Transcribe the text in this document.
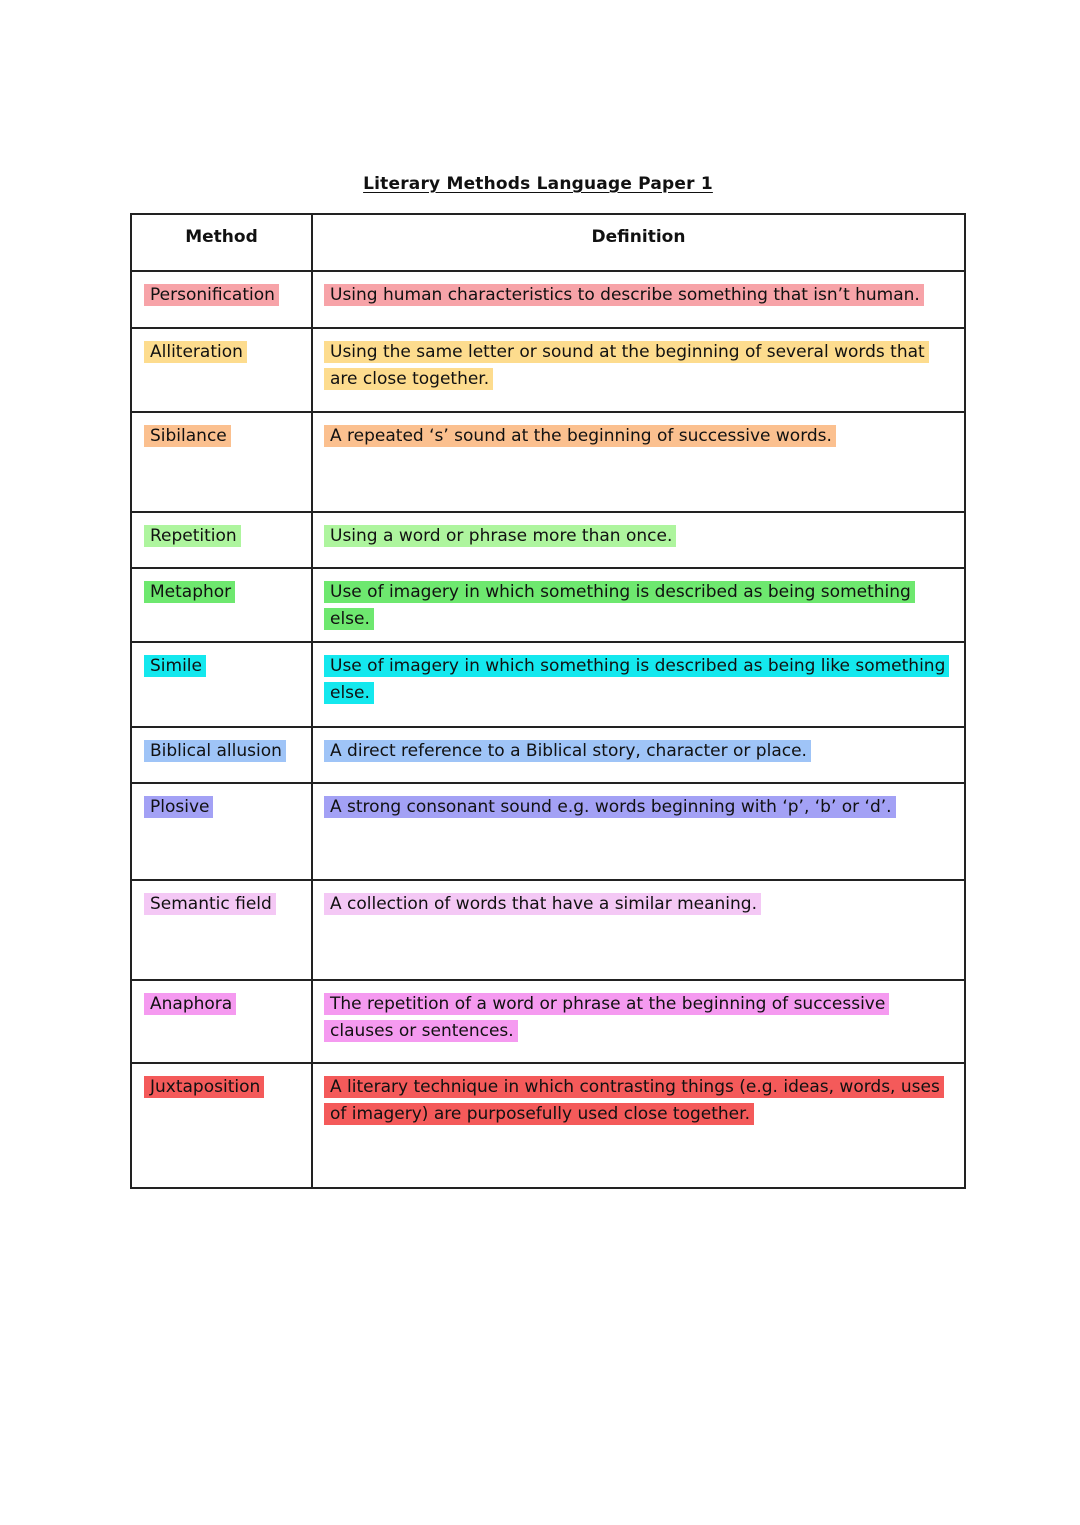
Literary Methods Language Paper 1
Method	Definition
Personification	Using human characteristics to describe something that isn’t human.
Alliteration	Using the same letter or sound at the beginning of several words that are close together.
Sibilance	A repeated ‘s’ sound at the beginning of successive words.
Repetition	Using a word or phrase more than once.
Metaphor	Use of imagery in which something is described as being something else.
Simile	Use of imagery in which something is described as being like something else.
Biblical allusion	A direct reference to a Biblical story, character or place.
Plosive	A strong consonant sound e.g. words beginning with ‘p’, ‘b’ or ‘d’.
Semantic field	A collection of words that have a similar meaning.
Anaphora	The repetition of a word or phrase at the beginning of successive clauses or sentences.
Juxtaposition	A literary technique in which contrasting things (e.g. ideas, words, uses of imagery) are purposefully used close together.
